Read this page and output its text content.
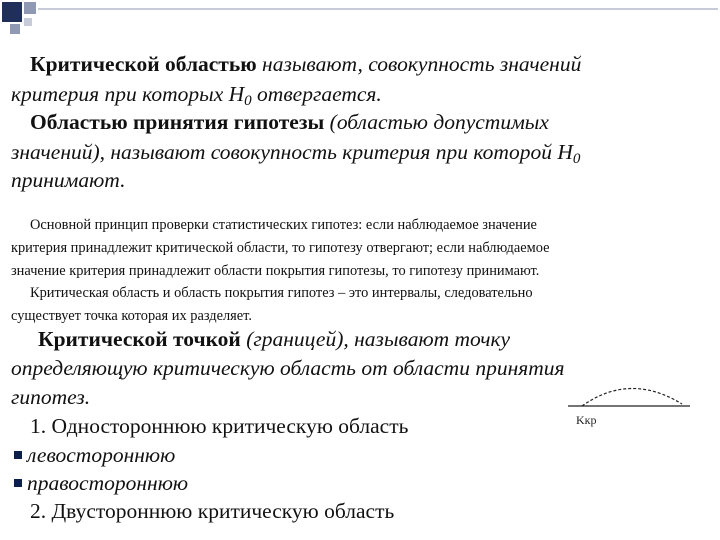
Критической областью называют, совокупность значений
критерия при которых $H_0$ отвергается.
Областью принятия гипотезы (областью допустимых
значений), называют совокупность критерия при которой $H_0$
принимают.
Основной принцип проверки статистических гипотез: если наблюдаемое значение
критерия принадлежит критической области, то гипотезу отвергают; если наблюдаемое
значение критерия принадлежит области покрытия гипотезы, то гипотезу принимают.
Критическая область и область покрытия гипотез – это интервалы, следовательно
существует точка которая их разделяет.
Критической точкой (границей), называют точку
определяющую критическую область от области принятия
гипотез.
1. Одностороннюю критическую область
левостороннюю
правостороннюю
2. Двустороннюю критическую область
Kкр
